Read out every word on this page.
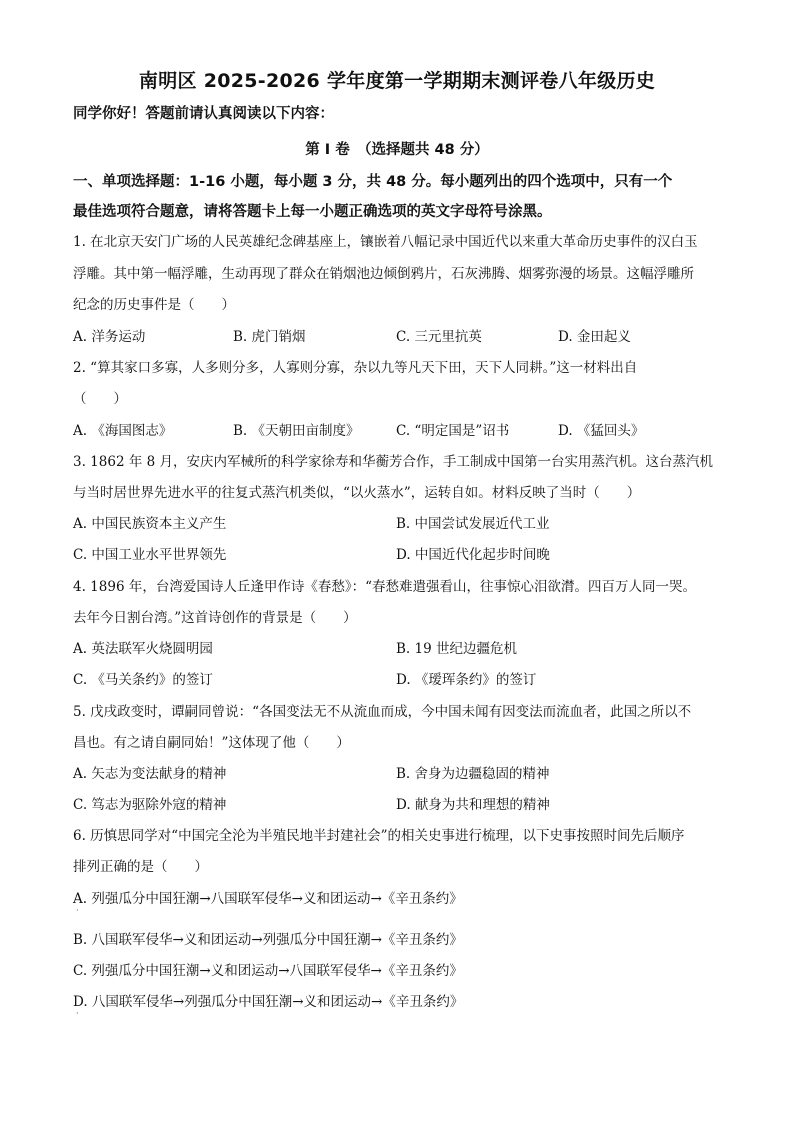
南明区 2025-2026 学年度第一学期期末测评卷八年级历史
同学你好！答题前请认真阅读以下内容：
第 I 卷　（选择题共 48 分）
一、单项选择题：1-16 小题，每小题 3 分，共 48 分。每小题列出的四个选项中，只有一个
最佳选项符合题意，请将答题卡上每一小题正确选项的英文字母符号涂黑。
1. 在北京天安门广场的人民英雄纪念碑基座上，镶嵌着八幅记录中国近代以来重大革命历史事件的汉白玉
浮雕。其中第一幅浮雕，生动再现了群众在销烟池边倾倒鸦片，石灰沸腾、烟雾弥漫的场景。这幅浮雕所
纪念的历史事件是（　　）
A. 洋务运动	B. 虎门销烟	C. 三元里抗英	D. 金田起义
2. “算其家口多寡，人多则分多，人寡则分寡，杂以九等凡天下田，天下人同耕。”这一材料出自
（　　）
A. 《海国图志》	B. 《天朝田亩制度》	C. “明定国是”诏书	D. 《猛回头》
3. 1862 年 8 月，安庆内军械所的科学家徐寿和华蘅芳合作，手工制成中国第一台实用蒸汽机。这台蒸汽机
与当时居世界先进水平的往复式蒸汽机类似，“以火蒸水”，运转自如。材料反映了当时（　　）
A. 中国民族资本主义产生	B. 中国尝试发展近代工业
C. 中国工业水平世界领先	D. 中国近代化起步时间晚
4. 1896 年，台湾爱国诗人丘逢甲作诗《春愁》：“春愁难遣强看山，往事惊心泪欲潸。四百万人同一哭。
去年今日割台湾。”这首诗创作的背景是（　　）
A. 英法联军火烧圆明园	B. 19 世纪边疆危机
C. 《马关条约》的签订	D. 《瑷珲条约》的签订
5. 戊戌政变时，谭嗣同曾说：“各国变法无不从流血而成，今中国未闻有因变法而流血者，此国之所以不
昌也。有之请自嗣同始！”这体现了他（　　）
A. 矢志为变法献身的精神	B. 舍身为边疆稳固的精神
C. 笃志为驱除外寇的精神	D. 献身为共和理想的精神
6. 历慎思同学对“中国完全沦为半殖民地半封建社会”的相关史事进行梳理，以下史事按照时间先后顺序
排列正确的是（　　）
A. 列强瓜分中国狂潮→八国联军侵华→义和团运动→《辛丑条约》
·
B. 八国联军侵华→义和团运动→列强瓜分中国狂潮→《辛丑条约》
C. 列强瓜分中国狂潮→义和团运动→八国联军侵华→《辛丑条约》
D. 八国联军侵华→列强瓜分中国狂潮→义和团运动→《辛丑条约》
·
